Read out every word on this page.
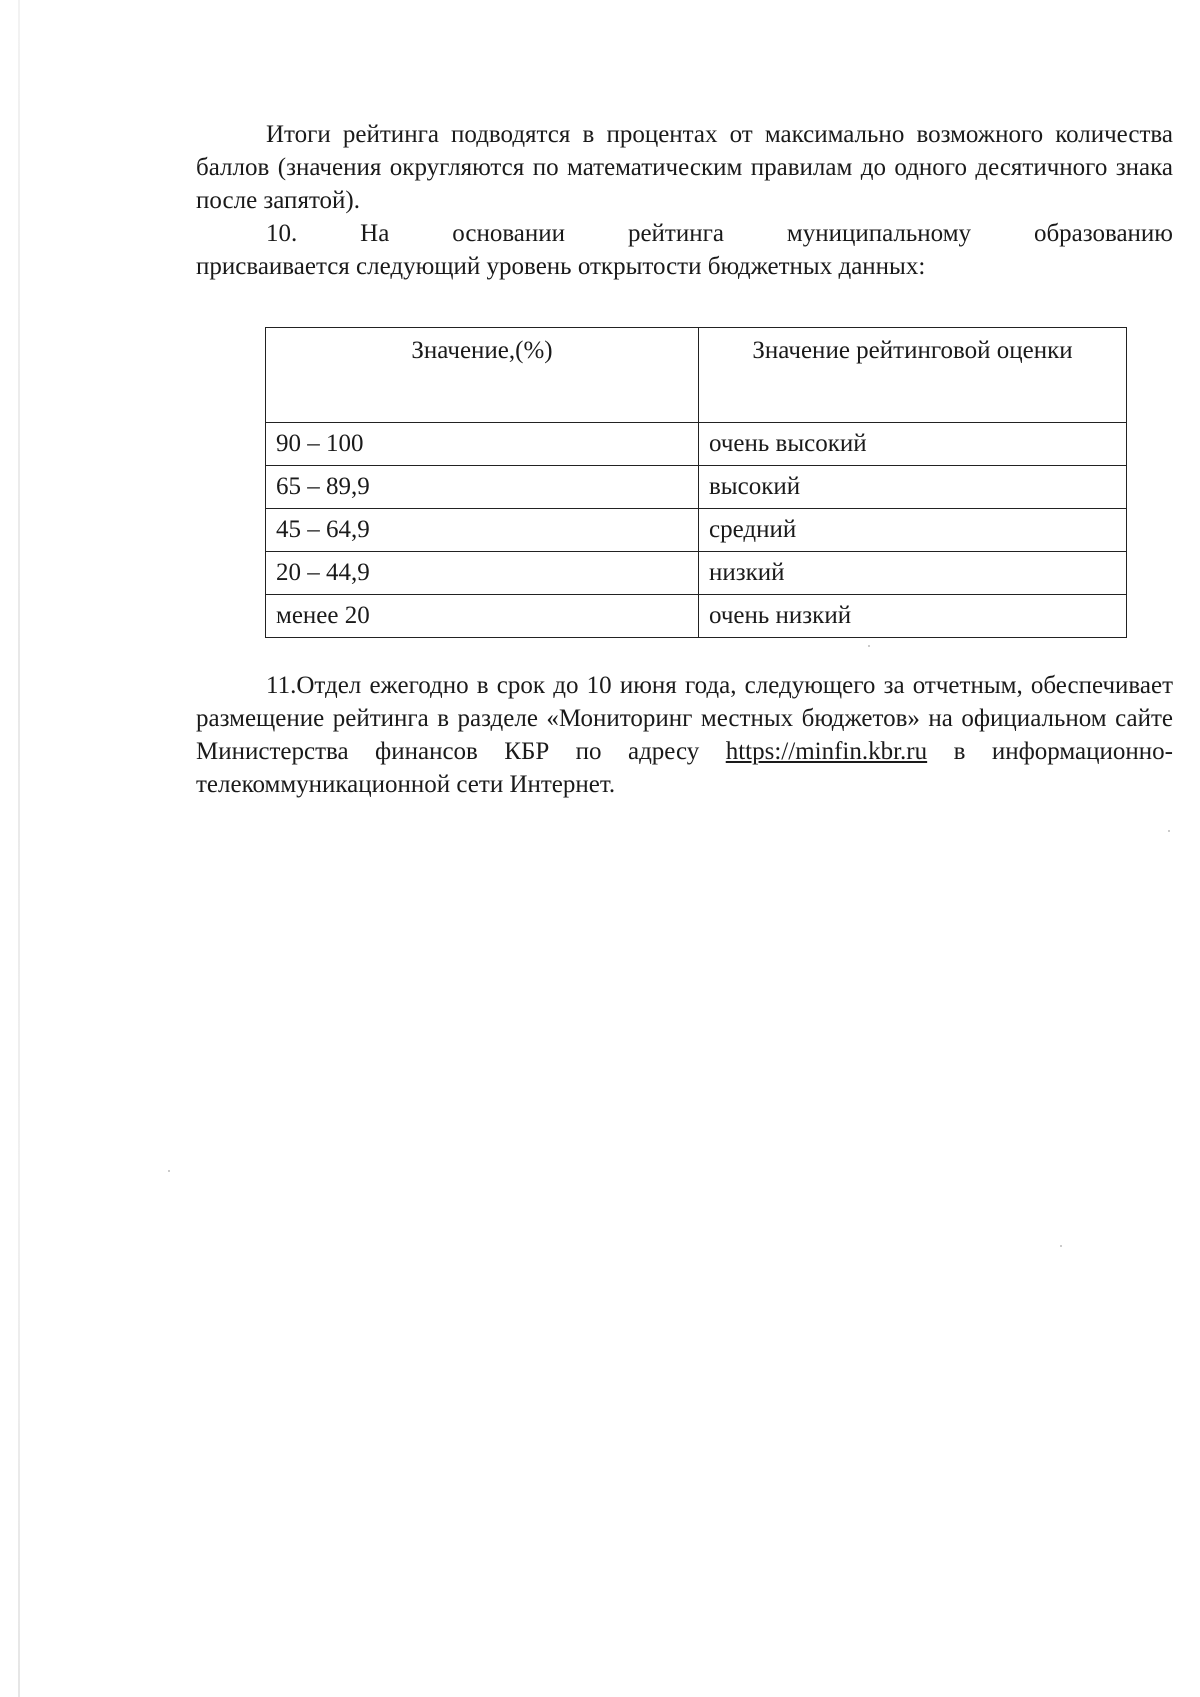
Итоги рейтинга подводятся в процентах от максимально возможного количества баллов (значения округляются по математическим правилам до одного десятичного знака после запятой).

10. На основании рейтинга муниципальному образованию

присваивается следующий уровень открытости бюджетных данных:

Значение,(%)	Значение рейтинговой оценки
90 – 100	очень высокий
65 – 89,9	высокий
45 – 64,9	средний
20 – 44,9	низкий
менее 20	очень низкий

11.Отдел ежегодно в срок до 10 июня года, следующего за отчетным, обеспечивает размещение рейтинга в разделе «Мониторинг местных бюджетов» на официальном сайте Министерства финансов КБР по адресу https://minfin.kbr.ru в информационно-телекоммуникационной сети Интернет.
